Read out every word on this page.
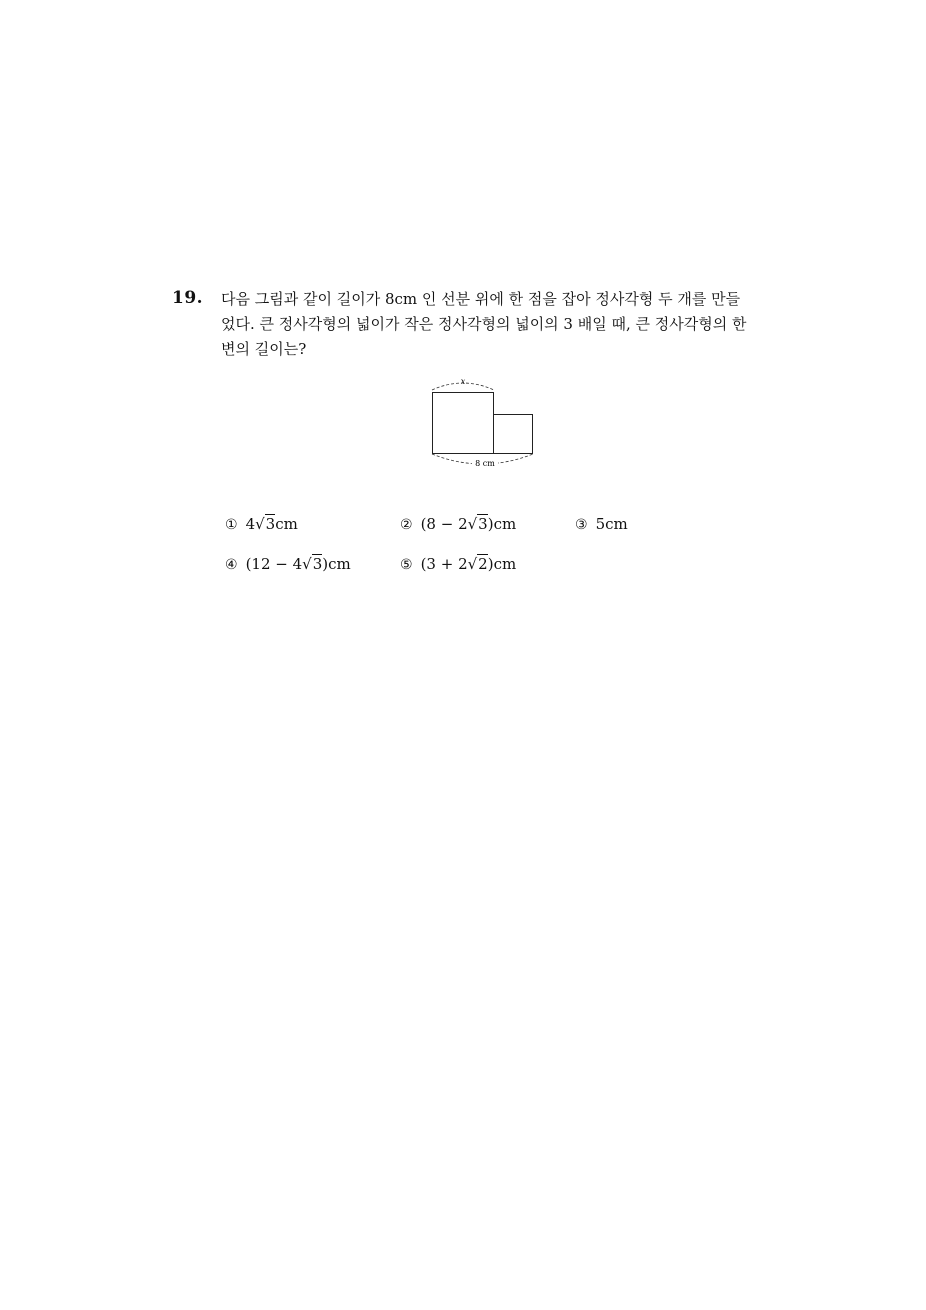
19. 다음 그림과 같이 길이가 8cm 인 선분 위에 한 점을 잡아 정사각형 두 개를 만들
었다. 큰 정사각형의 넓이가 작은 정사각형의 넓이의 3 배일 때, 큰 정사각형의 한
변의 길이는?
x
8 cm
① 4√3cm	② (8 − 2√3)cm	③ 5cm
④ (12 − 4√3)cm	⑤ (3 + 2√2)cm
